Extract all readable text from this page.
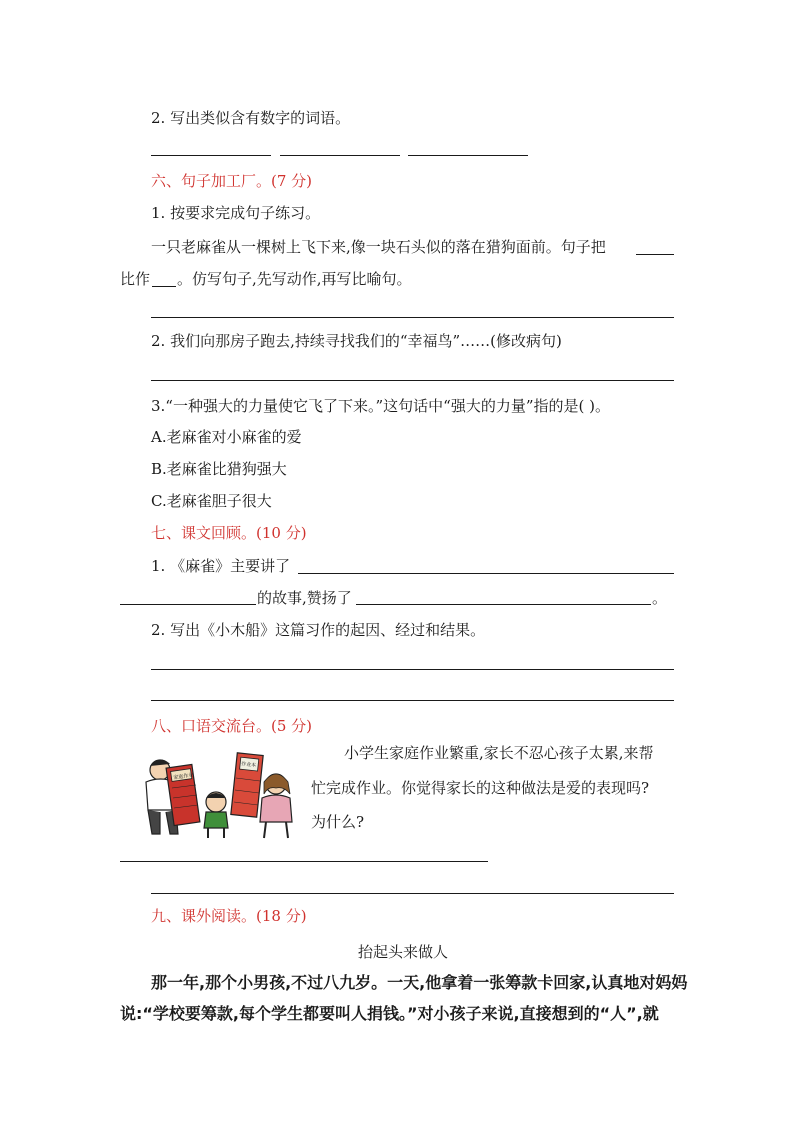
2. 写出类似含有数字的词语。
六、句子加工厂。(7 分)
1. 按要求完成句子练习。
一只老麻雀从一棵树上飞下来,像一块石头似的落在猎狗面前。句子把
比作 。仿写句子,先写动作,再写比喻句。
2. 我们向那房子跑去,持续寻找我们的“幸福鸟”……(修改病句)
3.“一种强大的力量使它飞了下来。”这句话中“强大的力量”指的是( )。
A.老麻雀对小麻雀的爱
B.老麻雀比猎狗强大
C.老麻雀胆子很大
七、课文回顾。(10 分)
1. 《麻雀》主要讲了
的故事,赞扬了	。
2. 写出《小木船》这篇习作的起因、经过和结果。
八、口语交流台。(5 分)
家庭作业
作业本
小学生家庭作业繁重,家长不忍心孩子太累,来帮
忙完成作业。你觉得家长的这种做法是爱的表现吗?
为什么?
九、课外阅读。(18 分)
抬起头来做人
那一年,那个小男孩,不过八九岁。一天,他拿着一张筹款卡回家,认真地对妈妈
说:“学校要筹款,每个学生都要叫人捐钱。”对小孩子来说,直接想到的“人”,就
